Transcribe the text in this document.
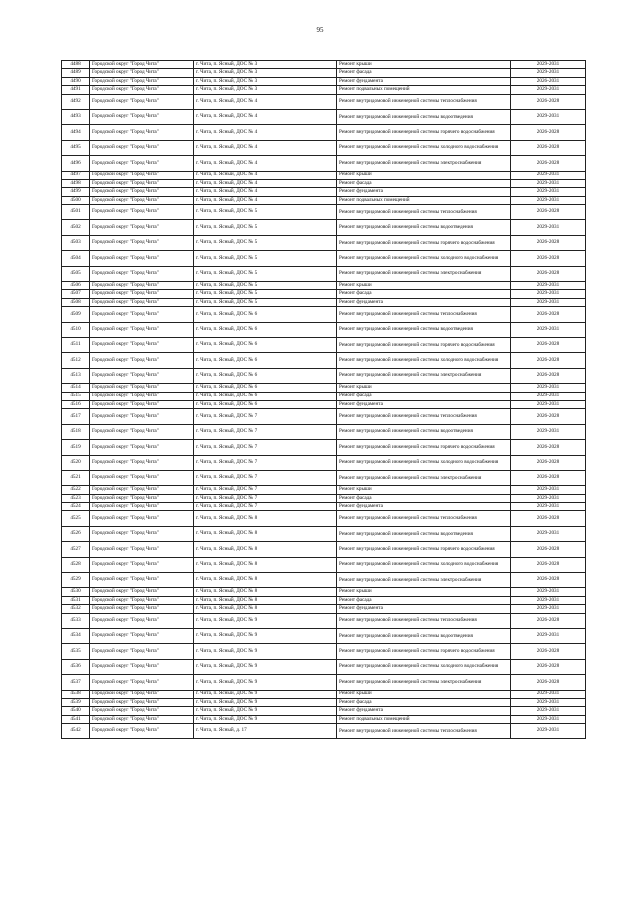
95
4488	Городской округ "Город Чита"	г. Чита, п. Ясный, ДОС № 3	Ремонт крыши	2029-2031
4489	Городской округ "Город Чита"	г. Чита, п. Ясный, ДОС № 3	Ремонт фасада	2029-2031
4490	Городской округ "Город Чита"	г. Чита, п. Ясный, ДОС № 3	Ремонт фундамента	2026-2031
4491	Городской округ "Город Чита"	г. Чита, п. Ясный, ДОС № 3	Ремонт подвальных помещений	2029-2031
4492	Городской округ "Город Чита"	г. Чита, п. Ясный, ДОС № 4	Ремонт внутридомовой инженерной системы теплоснабжения	2026-2028
4493	Городской округ "Город Чита"	г. Чита, п. Ясный, ДОС № 4	Ремонт внутридомовой инженерной системы водоотведения	2029-2031
4494	Городской округ "Город Чита"	г. Чита, п. Ясный, ДОС № 4	Ремонт внутридомовой инженерной системы горячего водоснабжения	2026-2028
4495	Городской округ "Город Чита"	г. Чита, п. Ясный, ДОС № 4	Ремонт внутридомовой инженерной системы холодного водоснабжения	2026-2028
4496	Городской округ "Город Чита"	г. Чита, п. Ясный, ДОС № 4	Ремонт внутридомовой инженерной системы электроснабжения	2026-2028
4497	Городской округ "Город Чита"	г. Чита, п. Ясный, ДОС № 4	Ремонт крыши	2029-2031
4498	Городской округ "Город Чита"	г. Чита, п. Ясный, ДОС № 4	Ремонт фасада	2029-2031
4499	Городской округ "Город Чита"	г. Чита, п. Ясный, ДОС № 4	Ремонт фундамента	2029-2031
4500	Городской округ "Город Чита"	г. Чита, п. Ясный, ДОС № 4	Ремонт подвальных помещений	2029-2031
4501	Городской округ "Город Чита"	г. Чита, п. Ясный, ДОС № 5	Ремонт внутридомовой инженерной системы теплоснабжения	2026-2028
4502	Городской округ "Город Чита"	г. Чита, п. Ясный, ДОС № 5	Ремонт внутридомовой инженерной системы водоотведения	2029-2031
4503	Городской округ "Город Чита"	г. Чита, п. Ясный, ДОС № 5	Ремонт внутридомовой инженерной системы горячего водоснабжения	2026-2028
4504	Городской округ "Город Чита"	г. Чита, п. Ясный, ДОС № 5	Ремонт внутридомовой инженерной системы холодного водоснабжения	2026-2028
4505	Городской округ "Город Чита"	г. Чита, п. Ясный, ДОС № 5	Ремонт внутридомовой инженерной системы электроснабжения	2026-2028
4506	Городской округ "Город Чита"	г. Чита, п. Ясный, ДОС № 5	Ремонт крыши	2029-2031
4507	Городской округ "Город Чита"	г. Чита, п. Ясный, ДОС № 5	Ремонт фасада	2029-2031
4508	Городской округ "Город Чита"	г. Чита, п. Ясный, ДОС № 5	Ремонт фундамента	2029-2031
4509	Городской округ "Город Чита"	г. Чита, п. Ясный, ДОС № 6	Ремонт внутридомовой инженерной системы теплоснабжения	2026-2028
4510	Городской округ "Город Чита"	г. Чита, п. Ясный, ДОС № 6	Ремонт внутридомовой инженерной системы водоотведения	2029-2031
4511	Городской округ "Город Чита"	г. Чита, п. Ясный, ДОС № 6	Ремонт внутридомовой инженерной системы горячего водоснабжения	2026-2028
4512	Городской округ "Город Чита"	г. Чита, п. Ясный, ДОС № 6	Ремонт внутридомовой инженерной системы холодного водоснабжения	2026-2028
4513	Городской округ "Город Чита"	г. Чита, п. Ясный, ДОС № 6	Ремонт внутридомовой инженерной системы электроснабжения	2026-2028
4514	Городской округ "Город Чита"	г. Чита, п. Ясный, ДОС № 6	Ремонт крыши	2029-2031
4515	Городской округ "Город Чита"	г. Чита, п. Ясный, ДОС № 6	Ремонт фасада	2029-2031
4516	Городской округ "Город Чита"	г. Чита, п. Ясный, ДОС № 6	Ремонт фундамента	2029-2031
4517	Городской округ "Город Чита"	г. Чита, п. Ясный, ДОС № 7	Ремонт внутридомовой инженерной системы теплоснабжения	2026-2028
4518	Городской округ "Город Чита"	г. Чита, п. Ясный, ДОС № 7	Ремонт внутридомовой инженерной системы водоотведения	2029-2031
4519	Городской округ "Город Чита"	г. Чита, п. Ясный, ДОС № 7	Ремонт внутридомовой инженерной системы горячего водоснабжения	2026-2028
4520	Городской округ "Город Чита"	г. Чита, п. Ясный, ДОС № 7	Ремонт внутридомовой инженерной системы холодного водоснабжения	2026-2028
4521	Городской округ "Город Чита"	г. Чита, п. Ясный, ДОС № 7	Ремонт внутридомовой инженерной системы электроснабжения	2026-2028
4522	Городской округ "Город Чита"	г. Чита, п. Ясный, ДОС № 7	Ремонт крыши	2029-2031
4523	Городской округ "Город Чита"	г. Чита, п. Ясный, ДОС № 7	Ремонт фасада	2029-2031
4524	Городской округ "Город Чита"	г. Чита, п. Ясный, ДОС № 7	Ремонт фундамента	2029-2031
4525	Городской округ "Город Чита"	г. Чита, п. Ясный, ДОС № 8	Ремонт внутридомовой инженерной системы теплоснабжения	2026-2028
4526	Городской округ "Город Чита"	г. Чита, п. Ясный, ДОС № 8	Ремонт внутридомовой инженерной системы водоотведения	2029-2031
4527	Городской округ "Город Чита"	г. Чита, п. Ясный, ДОС № 8	Ремонт внутридомовой инженерной системы горячего водоснабжения	2026-2028
4528	Городской округ "Город Чита"	г. Чита, п. Ясный, ДОС № 8	Ремонт внутридомовой инженерной системы холодного водоснабжения	2026-2028
4529	Городской округ "Город Чита"	г. Чита, п. Ясный, ДОС № 8	Ремонт внутридомовой инженерной системы электроснабжения	2026-2028
4530	Городской округ "Город Чита"	г. Чита, п. Ясный, ДОС № 8	Ремонт крыши	2029-2031
4531	Городской округ "Город Чита"	г. Чита, п. Ясный, ДОС № 8	Ремонт фасада	2029-2031
4532	Городской округ "Город Чита"	г. Чита, п. Ясный, ДОС № 8	Ремонт фундамента	2029-2031
4533	Городской округ "Город Чита"	г. Чита, п. Ясный, ДОС № 9	Ремонт внутридомовой инженерной системы теплоснабжения	2026-2028
4534	Городской округ "Город Чита"	г. Чита, п. Ясный, ДОС № 9	Ремонт внутридомовой инженерной системы водоотведения	2029-2031
4535	Городской округ "Город Чита"	г. Чита, п. Ясный, ДОС № 9	Ремонт внутридомовой инженерной системы горячего водоснабжения	2026-2028
4536	Городской округ "Город Чита"	г. Чита, п. Ясный, ДОС № 9	Ремонт внутридомовой инженерной системы холодного водоснабжения	2026-2028
4537	Городской округ "Город Чита"	г. Чита, п. Ясный, ДОС № 9	Ремонт внутридомовой инженерной системы электроснабжения	2026-2028
4538	Городской округ "Город Чита"	г. Чита, п. Ясный, ДОС № 9	Ремонт крыши	2029-2031
4539	Городской округ "Город Чита"	г. Чита, п. Ясный, ДОС № 9	Ремонт фасада	2029-2031
4540	Городской округ "Город Чита"	г. Чита, п. Ясный, ДОС № 9	Ремонт фундамента	2029-2031
4541	Городской округ "Город Чита"	г. Чита, п. Ясный, ДОС № 9	Ремонт подвальных помещений	2029-2031
4542	Городской округ "Город Чита"	г. Чита, п. Ясный, д. 17	Ремонт внутридомовой инженерной системы теплоснабжения	2029-2031
